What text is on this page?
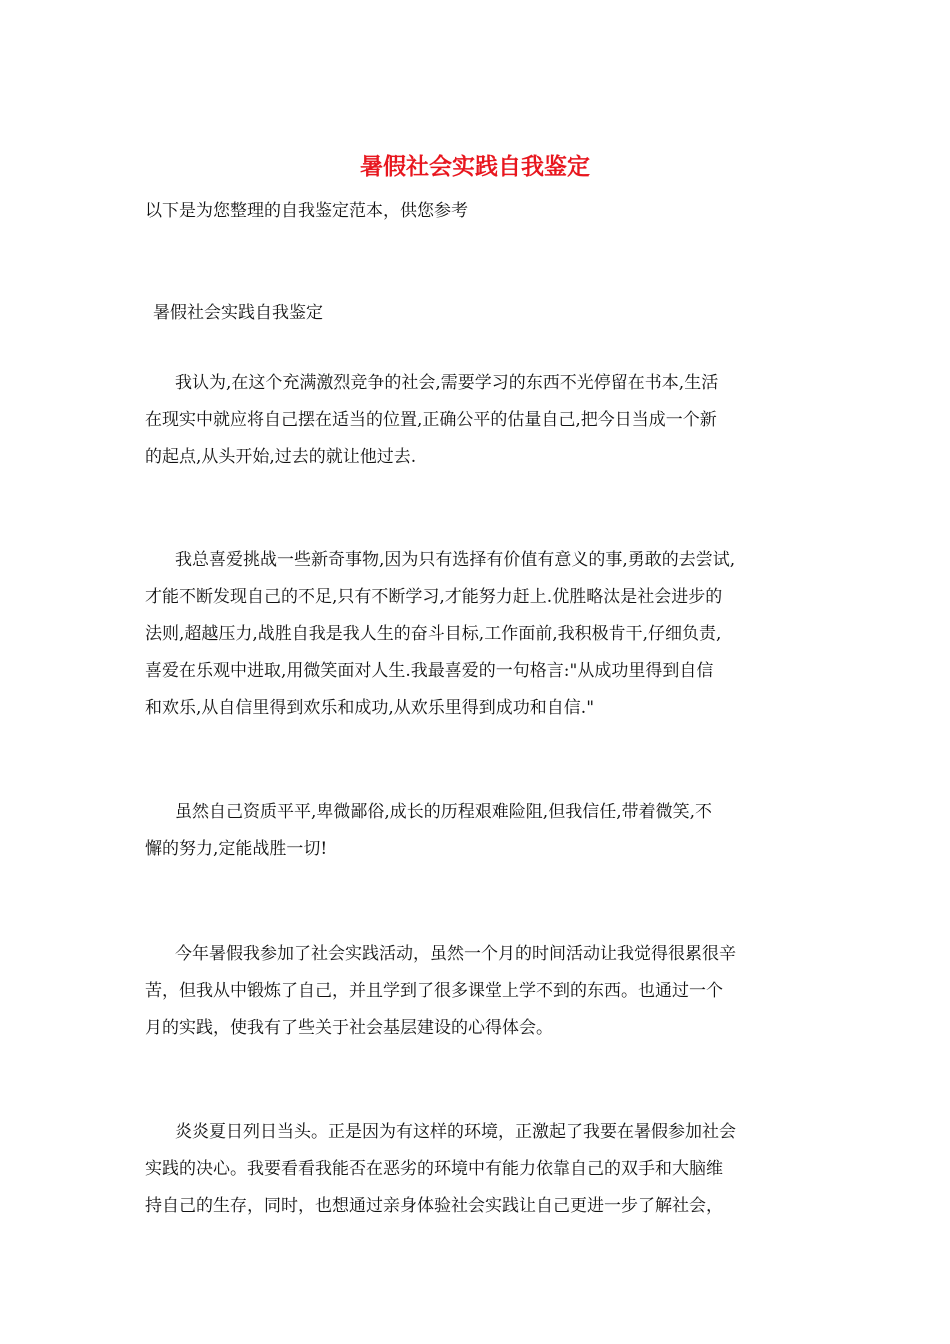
暑假社会实践自我鉴定

以下是为您整理的自我鉴定范本，供您参考

暑假社会实践自我鉴定

我认为,在这个充满激烈竞争的社会,需要学习的东西不光停留在书本,生活
在现实中就应将自己摆在适当的位置,正确公平的估量自己,把今日当成一个新
的起点,从头开始,过去的就让他过去.
我总喜爱挑战一些新奇事物,因为只有选择有价值有意义的事,勇敢的去尝试,
才能不断发现自己的不足,只有不断学习,才能努力赶上.优胜略汰是社会进步的
法则,超越压力,战胜自我是我人生的奋斗目标,工作面前,我积极肯干,仔细负责,
喜爱在乐观中进取,用微笑面对人生.我最喜爱的一句格言:"从成功里得到自信
和欢乐,从自信里得到欢乐和成功,从欢乐里得到成功和自信."
虽然自己资质平平,卑微鄙俗,成长的历程艰难险阻,但我信任,带着微笑,不
懈的努力,定能战胜一切!
今年暑假我参加了社会实践活动，虽然一个月的时间活动让我觉得很累很辛
苦，但我从中锻炼了自己，并且学到了很多课堂上学不到的东西。也通过一个
月的实践，使我有了些关于社会基层建设的心得体会。
炎炎夏日列日当头。正是因为有这样的环境，正激起了我要在暑假参加社会
实践的决心。我要看看我能否在恶劣的环境中有能力依靠自己的双手和大脑维
持自己的生存，同时，也想通过亲身体验社会实践让自己更进一步了解社会，
